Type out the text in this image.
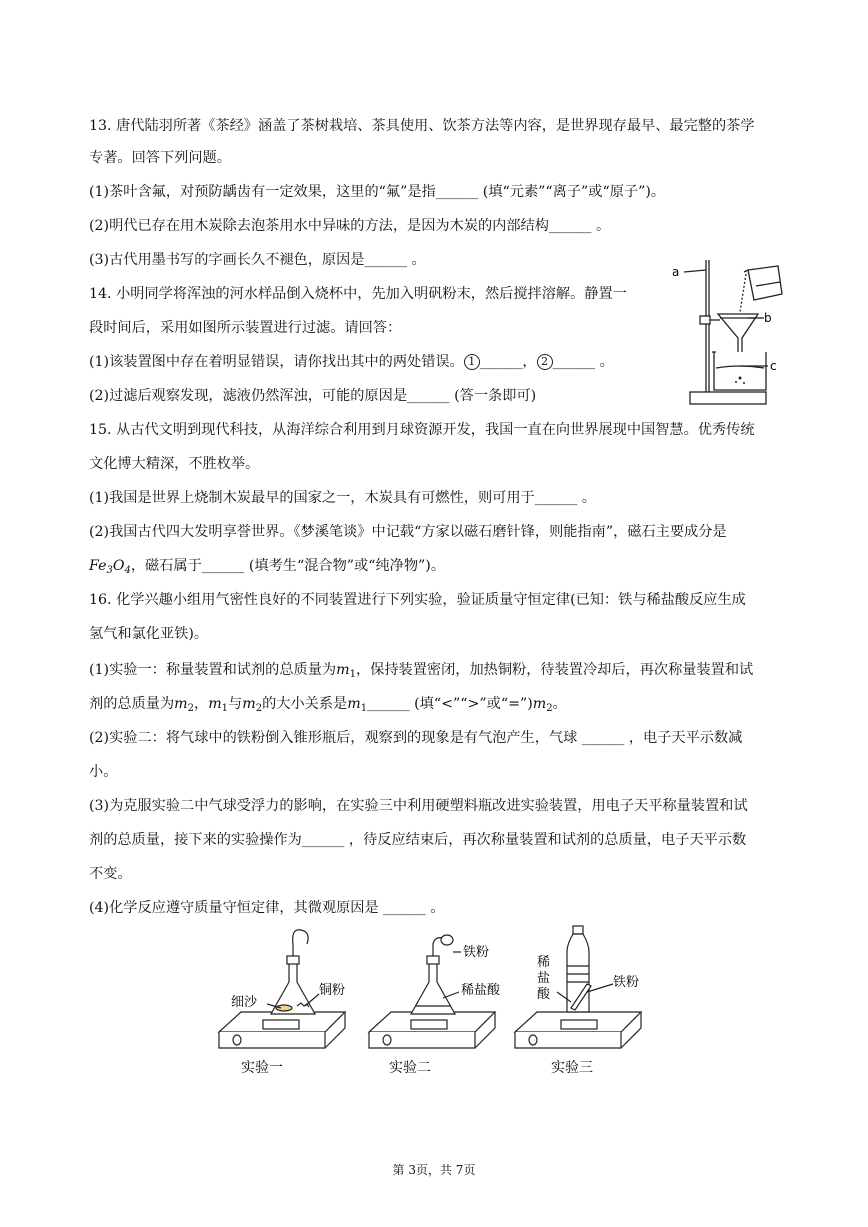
13. 唐代陆羽所著《茶经》涵盖了茶树栽培、茶具使用、饮茶方法等内容，是世界现存最早、最完整的茶学
专著。回答下列问题。
(1)茶叶含氟，对预防龋齿有一定效果，这里的“氟”是指______ (填“元素”“离子”或“原子”)。
(2)明代已存在用木炭除去泡茶用水中异味的方法，是因为木炭的内部结构______ 。
(3)古代用墨书写的字画长久不褪色，原因是______ 。
14. 小明同学将浑浊的河水样品倒入烧杯中，先加入明矾粉末，然后搅拌溶解。静置一
段时间后，采用如图所示装置进行过滤。请回答：
(1)该装置图中存在着明显错误，请你找出其中的两处错误。 1 ______， 2 ______ 。
(2)过滤后观察发现，滤液仍然浑浊，可能的原因是______ (答一条即可)
a
b
c
15. 从古代文明到现代科技，从海洋综合利用到月球资源开发，我国一直在向世界展现中国智慧。优秀传统
文化博大精深，不胜枚举。
(1)我国是世界上烧制木炭最早的国家之一，木炭具有可燃性，则可用于______ 。
(2)我国古代四大发明享誉世界。《梦溪笔谈》中记载“方家以磁石磨针锋，则能指南”，磁石主要成分是
$Fe_3O_4$，磁石属于______ (填考生“混合物”或“纯净物”)。
16. 化学兴趣小组用气密性良好的不同装置进行下列实验，验证质量守恒定律(已知：铁与稀盐酸反应生成
氢气和氯化亚铁)。
(1)实验一：称量装置和试剂的总质量为$m_1$，保持装置密闭，加热铜粉，待装置冷却后，再次称量装置和试
剂的总质量为$m_2$，$m_1$与$m_2$的大小关系是$m_1\_\_\_\_\_\_$ (填“<”“>”或“$=”)m_2$。
(2)实验二：将气球中的铁粉倒入锥形瓶后，观察到的现象是有气泡产生，气球 ______ ，电子天平示数减
小。
(3)为克服实验二中气球受浮力的影响，在实验三中利用硬塑料瓶改进实验装置，用电子天平称量装置和试
剂的总质量，接下来的实验操作为______ ，待反应结束后，再次称量装置和试剂的总质量，电子天平示数
不变。
(4)化学反应遵守质量守恒定律，其微观原因是 ______ 。
细沙
铜粉
铁粉
稀盐酸
稀
盐
酸
铁粉
实验一	实验二	实验三
第 3页，共 7页
